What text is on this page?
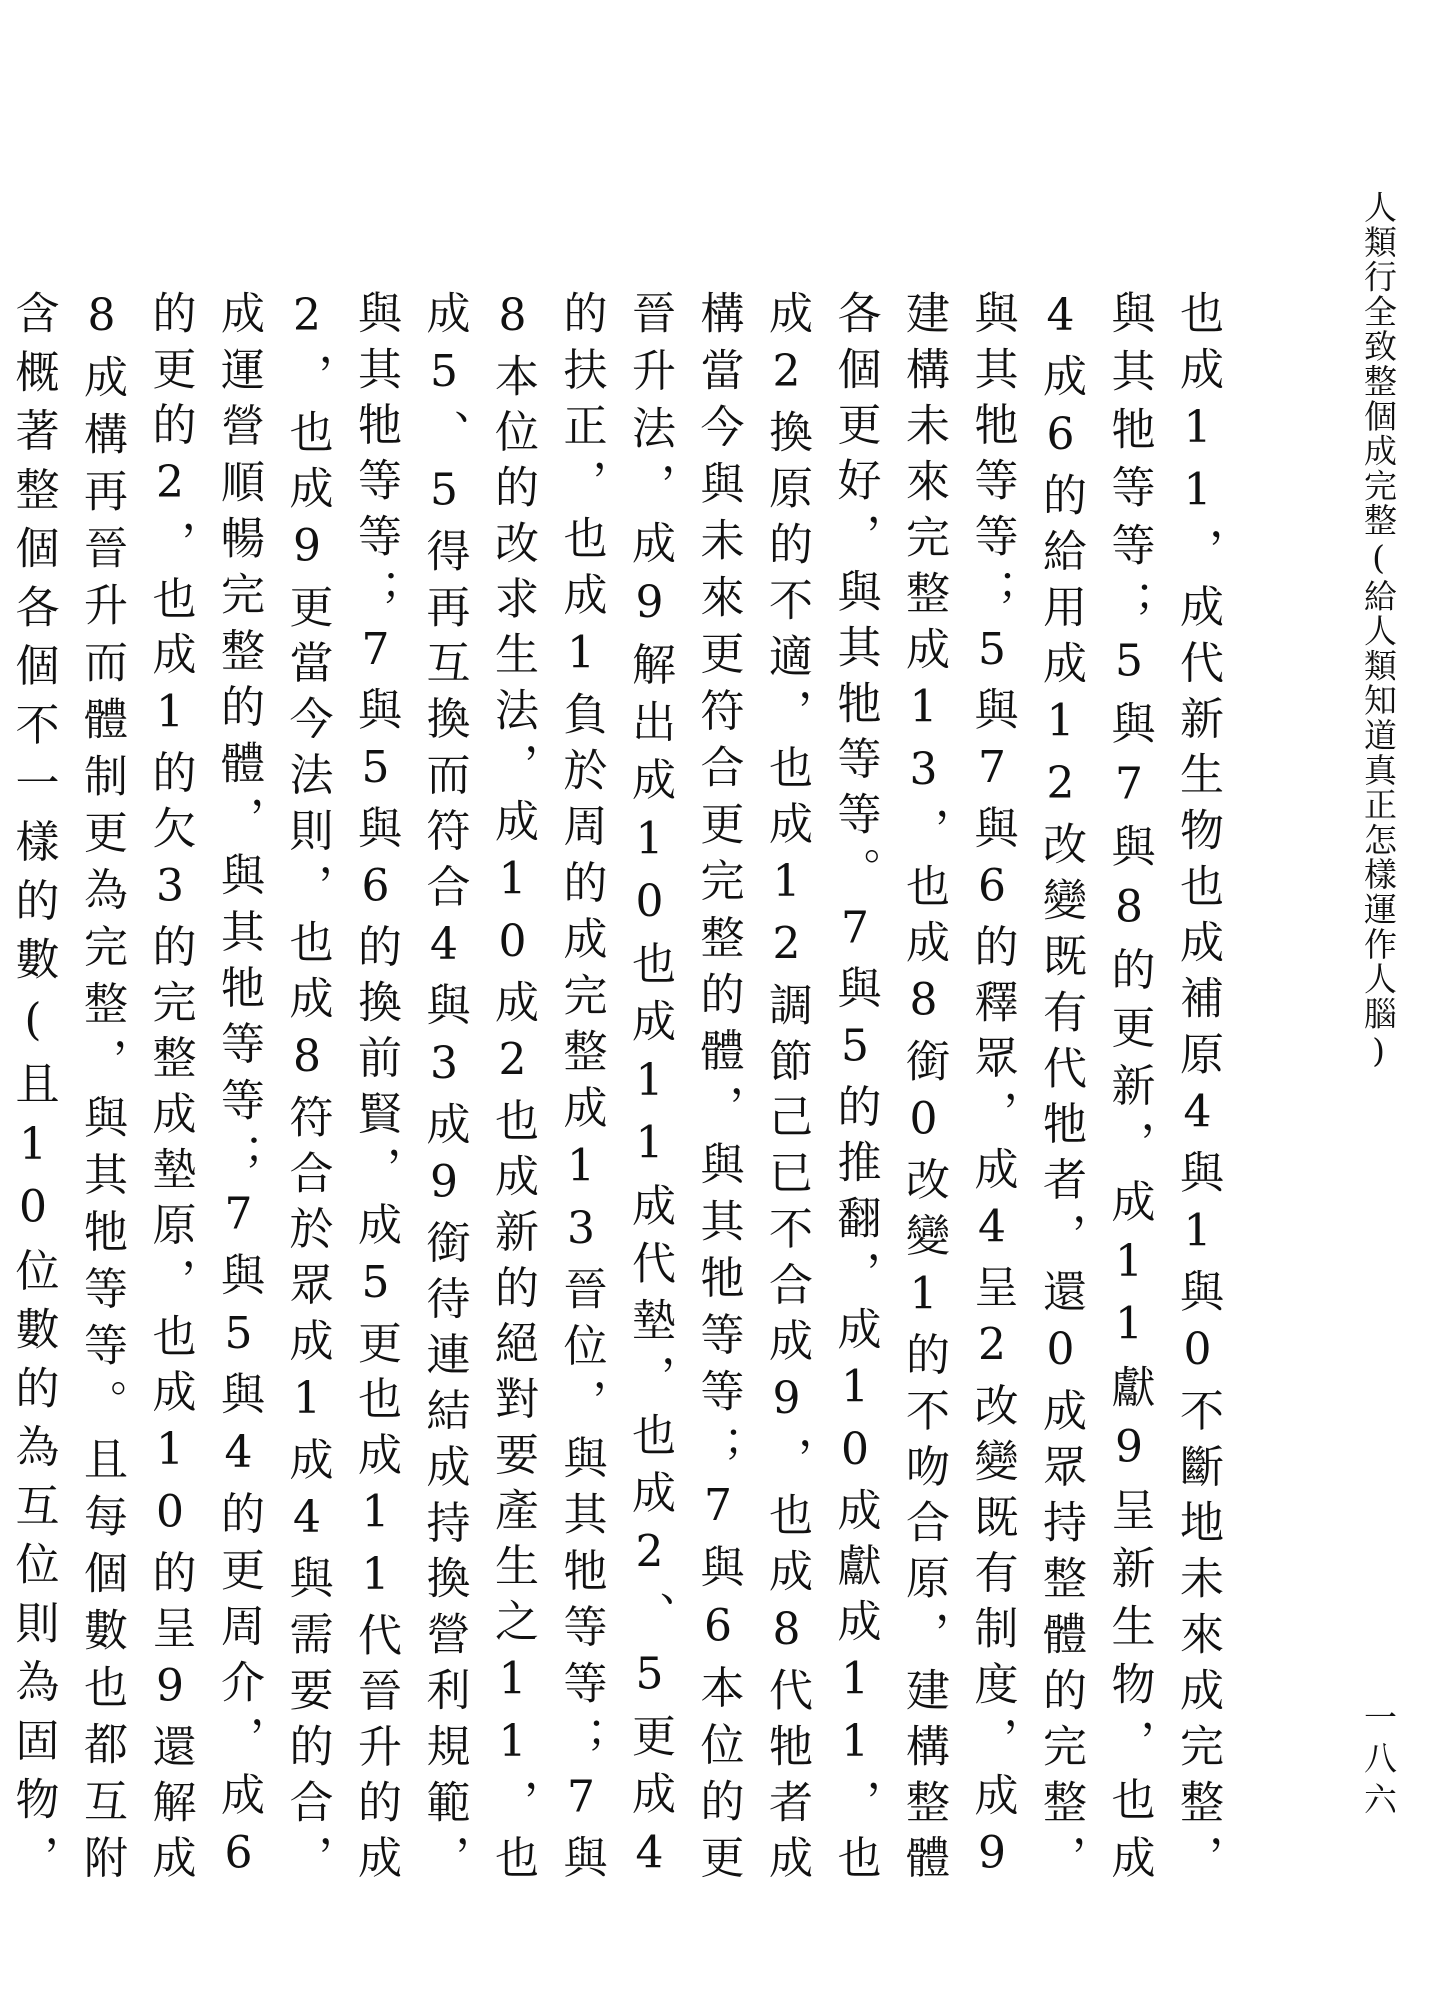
人類行全致整個成完整(給人類知道真正怎樣運作人腦)
一八六

也成11，成代新生物也成補原4與1與0不斷地未來成完整，與其牠等等；5與7與8的更新，成11獻9呈新生物，也成4成6的給用成12改變既有代牠者，還0成眾持整體的完整，與其牠等等；5與7與6的釋眾，成4呈2改變既有制度，成9建構未來完整成13，也成8銜0改變1的不吻合原，建構整體各個更好，與其牠等等。7與5的推翻，成10成獻成11，也成2換原的不適，也成12調節己已不合成9，也成8代牠者成構當今與未來更符合更完整的體，與其牠等等；7與6本位的更晉升法，成9解出成10也成11成代墊，也成2、5更成4的扶正，也成1負於周的成完整成13晉位，與其牠等等；7與8本位的改求生法，成10成2也成新的絕對要產生之11，也成5、5得再互換而符合4與3成9銜待連結成持換營利規範，與其牠等等；7與5與6的換前賢，成5更也成11代晉升的成2，也成9更當今法則，也成8符合於眾成1成4與需要的合，成運營順暢完整的體，與其牠等等；7與5與4的更周介，成6的更的2，也成1的欠3的完整成墊原，也成10的呈9還解成8成構再晉升而體制更為完整，與其牠等等。且每個數也都互附含概著整個各個不一樣的數(且10位數的為互位則為固物，
